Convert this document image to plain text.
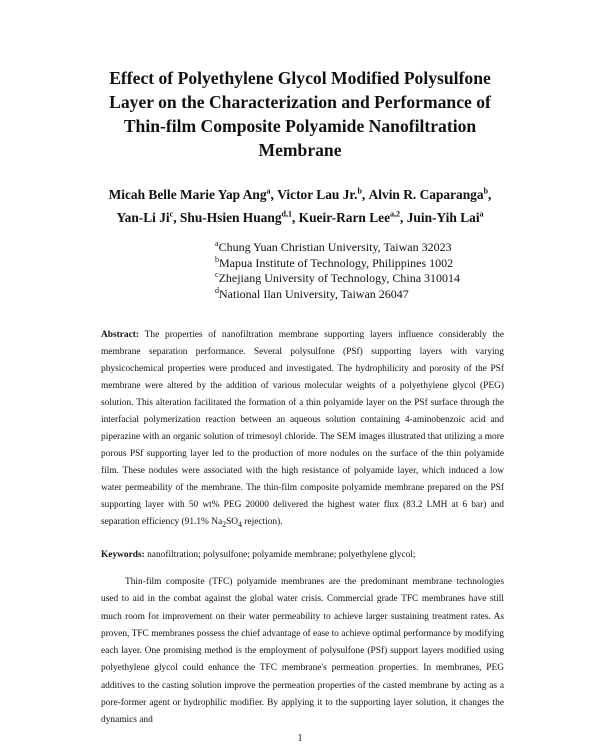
Effect of Polyethylene Glycol Modified Polysulfone
Layer on the Characterization and Performance of
Thin-film Composite Polyamide Nanofiltration
Membrane
Micah Belle Marie Yap Ang$^a$, Victor Lau Jr.$^b$, Alvin R. Caparanga$^b$,
Yan-Li Ji$^c$, Shu-Hsien Huang$^{d,1}$, Kueir-Rarn Lee$^{a,2}$, Juin-Yih Lai$^a$
$^a$Chung Yuan Christian University, Taiwan 32023
$^b$Mapua Institute of Technology, Philippines 1002
$^c$Zhejiang University of Technology, China 310014
$^d$National Ilan University, Taiwan 26047
Abstract: The properties of nanofiltration membrane supporting layers influence considerably the membrane separation performance. Several polysulfone (PSf) supporting layers with varying physicochemical properties were produced and investigated. The hydrophilicity and porosity of the PSf membrane were altered by the addition of various molecular weights of a polyethylene glycol (PEG) solution. This alteration facilitated the formation of a thin polyamide layer on the PSf surface through the interfacial polymerization reaction between an aqueous solution containing 4-aminobenzoic acid and piperazine with an organic solution of trimesoyl chloride. The SEM images illustrated that utilizing a more porous PSf supporting layer led to the production of more nodules on the surface of the thin polyamide film. These nodules were associated with the high resistance of polyamide layer, which induced a low water permeability of the membrane. The thin-film composite polyamide membrane prepared on the PSf supporting layer with 50 wt% PEG 20000 delivered the highest water flux (83.2 LMH at 6 bar) and separation efficiency (91.1% $Na_2SO_4$ rejection).
Keywords: nanofiltration; polysulfone; polyamide membrane; polyethylene glycol;
Thin-film composite (TFC) polyamide membranes are the predominant membrane technologies used to aid in the combat against the global water crisis. Commercial grade TFC membranes have still much room for improvement on their water permeability to achieve larger sustaining treatment rates. As proven, TFC membranes possess the chief advantage of ease to achieve optimal performance by modifying each layer. One promising method is the employment of polysulfone (PSf) support layers modified using polyethylene glycol could enhance the TFC membrane's permeation properties. In membranes, PEG additives to the casting solution improve the permeation properties of the casted membrane by acting as a pore-former agent or hydrophilic modifier. By applying it to the supporting layer solution, it changes the dynamics and
1
